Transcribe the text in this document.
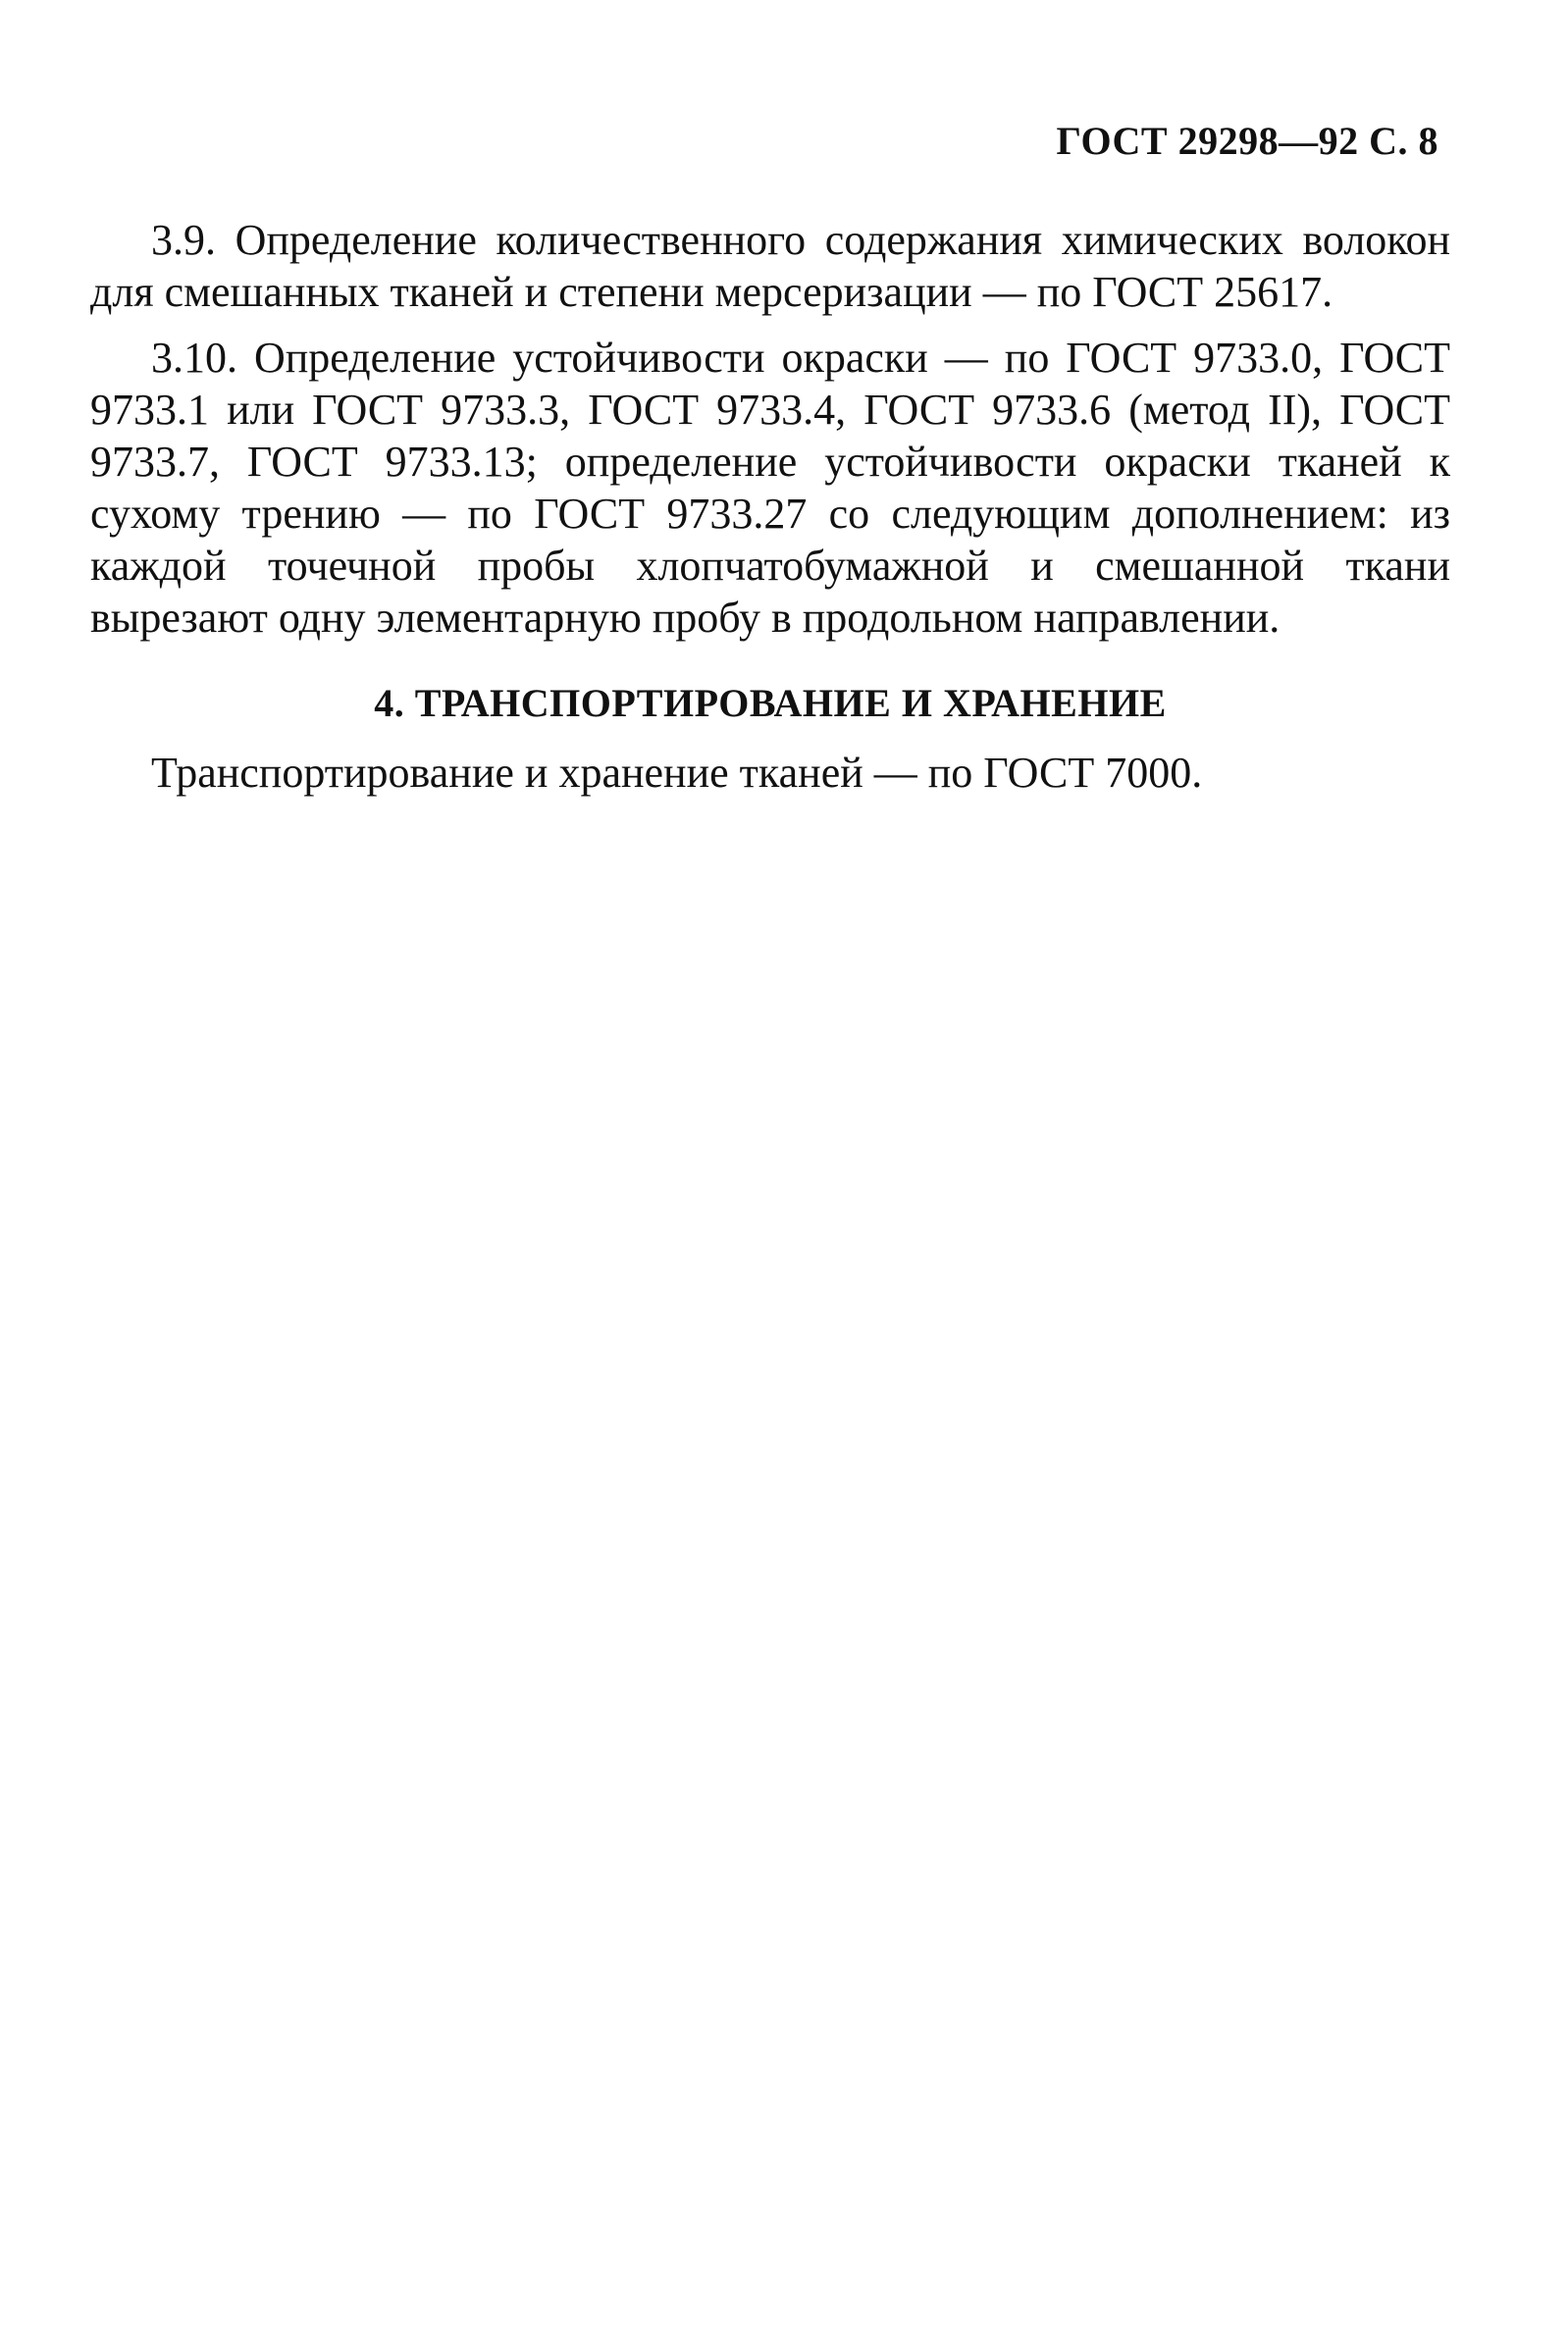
ГОСТ 29298—92 С. 8

3.9. Определение количественного содержания химических волокон для смешанных тканей и степени мерсеризации — по ГОСТ 25617.

3.10. Определение устойчивости окраски — по ГОСТ 9733.0, ГОСТ 9733.1 или ГОСТ 9733.3, ГОСТ 9733.4, ГОСТ 9733.6 (метод II), ГОСТ 9733.7, ГОСТ 9733.13; определение устойчивости окраски тканей к сухому трению — по ГОСТ 9733.27 со следующим дополнением: из каждой точечной пробы хлопчатобумажной и смешанной ткани вырезают одну элементарную пробу в продольном направлении.

4. ТРАНСПОРТИРОВАНИЕ И ХРАНЕНИЕ

Транспортирование и хранение тканей — по ГОСТ 7000.
